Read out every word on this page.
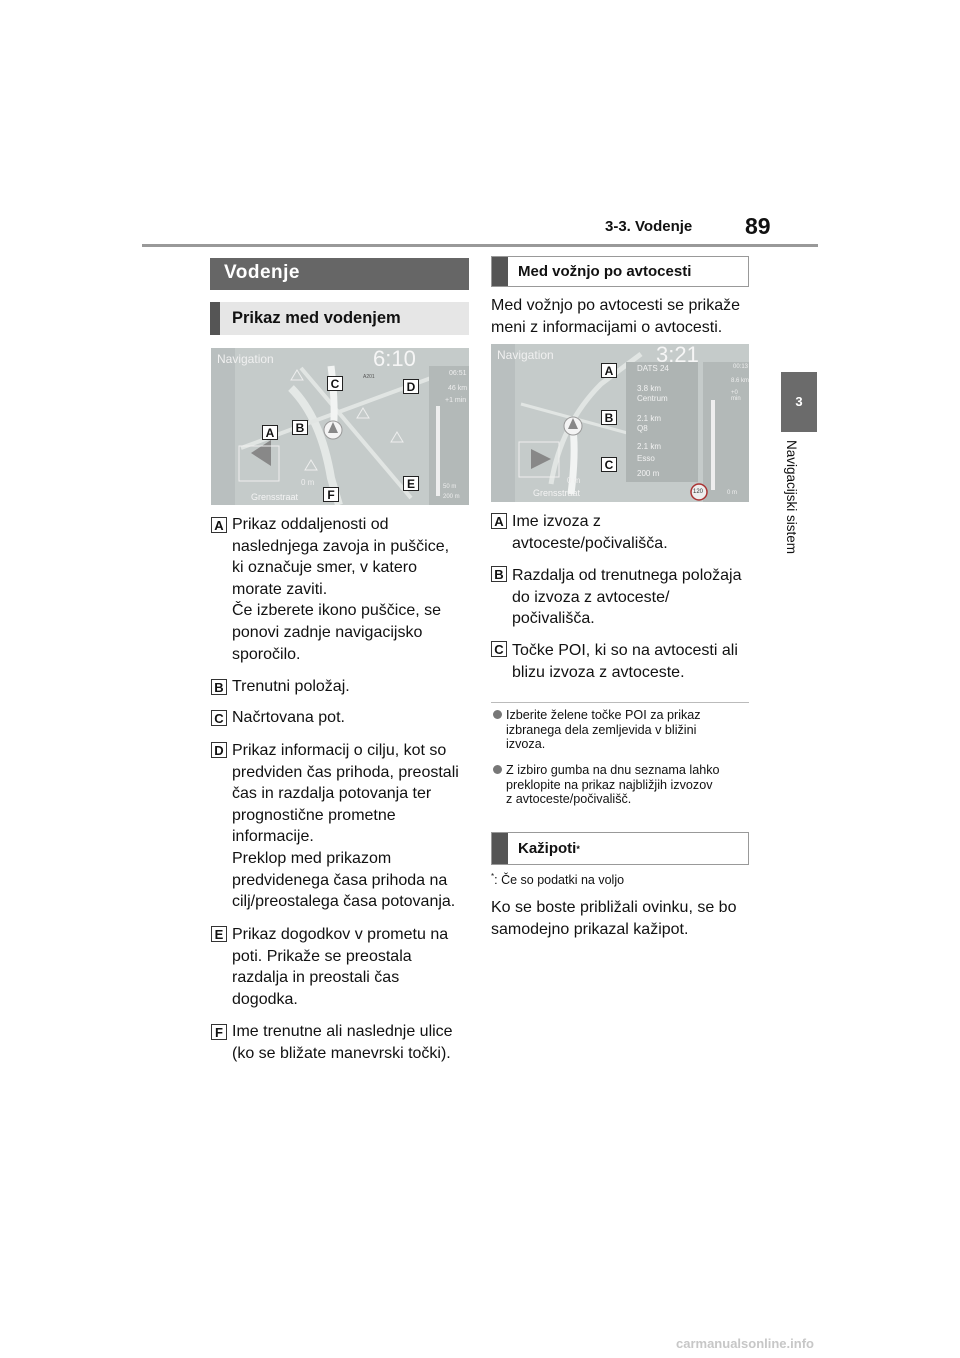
3-3. Vodenje 89
3
Navigacijski sistem
Vodenje
Prikaz med vodenjem
Navigation	6:10
A201	06:51
46 km
+1 min
0 m	50 m
200 m
Grensstraat
A	B
C	D
E
F
A Prikaz oddaljenosti od
naslednjega zavoja in puščice,
ki označuje smer, v katero
morate zaviti.
Če izberete ikono puščice, se
ponovi zadnje navigacijsko
sporočilo.
B Trenutni položaj.
C Načrtovana pot.
D Prikaz informacij o cilju, kot so
predviden čas prihoda, preostali
čas in razdalja potovanja ter
prognostične prometne
informacije.
Preklop med prikazom
predvidenega časa prihoda na
cilj/preostalega časa potovanja.
E Prikaz dogodkov v prometu na
poti. Prikaže se preostala
razdalja in preostali čas
dogodka.
F Ime trenutne ali naslednje ulice
(ko se bližate manevrski točki).
Med vožnjo po avtocesti
Med vožnjo po avtocesti se prikaže
meni z informacijami o avtocesti.
Navigation	3:21
DATS 24
3.8 km
Centrum
2.1 km
Q8
2.1 km
Esso
200 m
00:13
8.6 km
+0 min
120	0 m
0 m
Grensstraat
A
B
C
A Ime izvoza z
avtoceste/počivališča.
B Razdalja od trenutnega položaja
do izvoza z avtoceste/
počivališča.
C Točke POI, ki so na avtocesti ali
blizu izvoza z avtoceste.
Izberite želene točke POI za prikaz
izbranega dela zemljevida v bližini
izvoza.
Z izbiro gumba na dnu seznama lahko
preklopite na prikaz najbližjih izvozov
z avtoceste/počivališč.
Kažipoti *
*: Če so podatki na voljo
Ko se boste približali ovinku, se bo
samodejno prikazal kažipot.
carmanualsonline.info
